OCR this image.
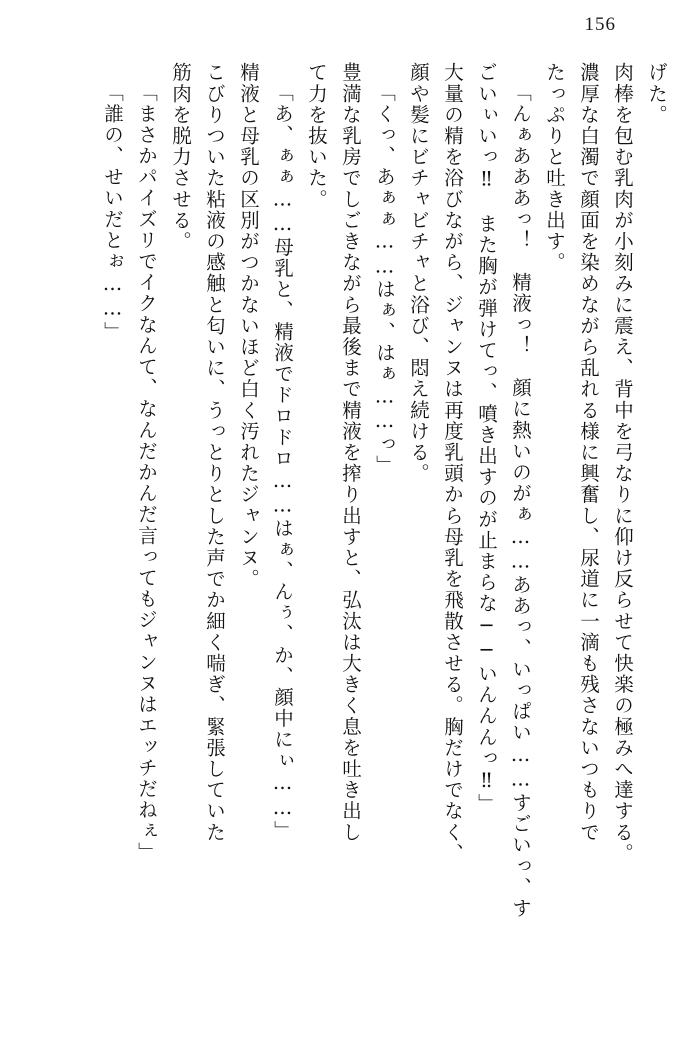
156
げた。
肉棒を包む乳肉が小刻みに震え、背中を弓なりに仰け反らせて快楽の極みへ達する。
濃厚な白濁で顔面を染めながら乱れる様に興奮し、尿道に一滴も残さないつもりで
たっぷりと吐き出す。
「んぁあああっ！　精液っ！　顔に熱いのがぁ……ああっ、いっぱい……すごいっ、す
ごいぃいっ‼　また胸が弾けてっ、噴き出すのが止まらな──いんんんっ‼」
大量の精を浴びながら、ジャンヌは再度乳頭から母乳を飛散させる。胸だけでなく、
顔や髪にビチャビチャと浴び、悶え続ける。
「くっ、あぁぁ……はぁ、はぁ……っ」
豊満な乳房でしごきながら最後まで精液を搾り出すと、弘汰は大きく息を吐き出し
て力を抜いた。
「あ、ぁぁ……母乳と、精液でドロドロ……はぁ、んぅ、か、顔中にぃ……」
精液と母乳の区別がつかないほど白く汚れたジャンヌ。
こびりついた粘液の感触と匂いに、うっとりとした声でか細く喘ぎ、緊張していた
筋肉を脱力させる。
「まさかパイズリでイクなんて、なんだかんだ言ってもジャンヌはエッチだねぇ」
「誰の、せいだとぉ……」
